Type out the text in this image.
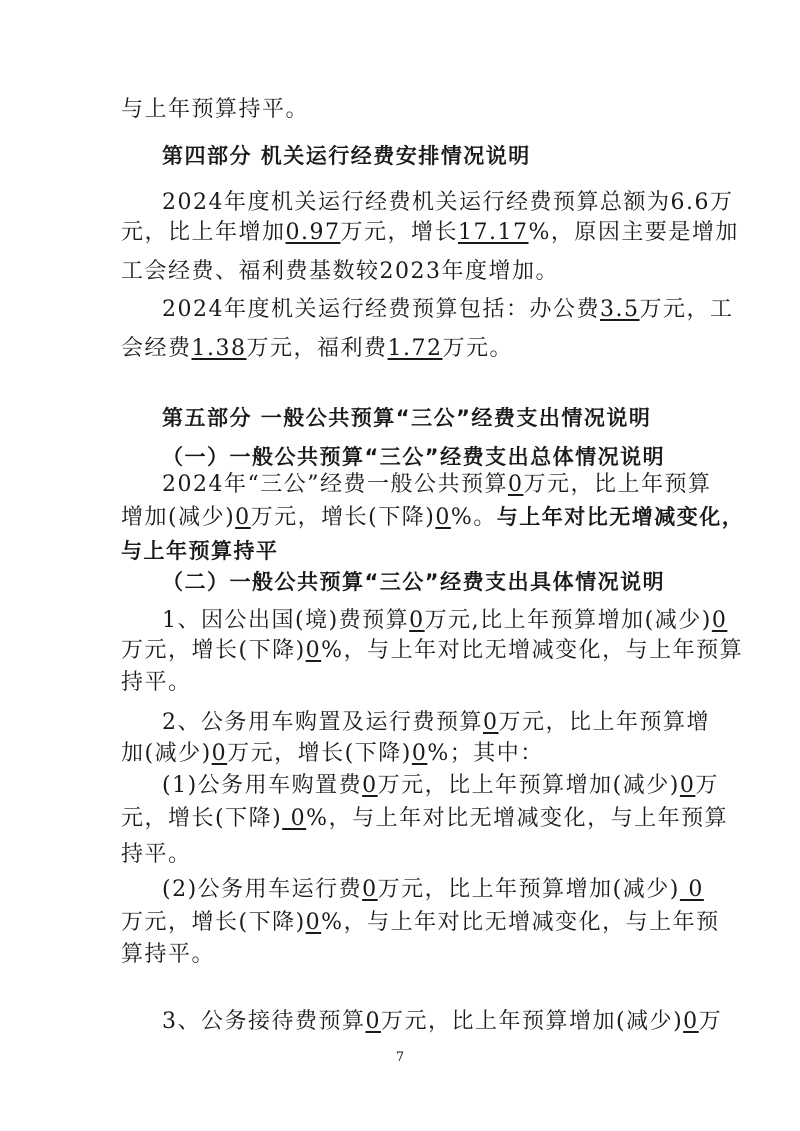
与上年预算持平。
第四部分 机关运行经费安排情况说明
2024年度机关运行经费机关运行经费预算总额为6.6万
元，比上年增加0.97万元，增长17.17%，原因主要是增加
工会经费、福利费基数较2023年度增加。
2024年度机关运行经费预算包括：办公费3.5万元，工
会经费1.38万元，福利费1.72万元。
第五部分 一般公共预算“三公”经费支出情况说明
（一）一般公共预算“三公”经费支出总体情况说明
2024年“三公”经费一般公共预算0万元，比上年预算
增加(减少)0万元，增长(下降)0%。与上年对比无增减变化，
与上年预算持平
（二）一般公共预算“三公”经费支出具体情况说明
1、因公出国(境)费预算0万元,比上年预算增加(减少)0
万元，增长(下降)0%，与上年对比无增减变化，与上年预算
持平。
2、公务用车购置及运行费预算0万元，比上年预算增
加(减少)0万元，增长(下降)0%；其中：
(1)公务用车购置费0万元，比上年预算增加(减少)0万
元，增长(下降) 0%，与上年对比无增减变化，与上年预算
持平。
(2)公务用车运行费0万元，比上年预算增加(减少) 0
万元，增长(下降)0%，与上年对比无增减变化，与上年预
算持平。
3、公务接待费预算0万元，比上年预算增加(减少)0万
7
